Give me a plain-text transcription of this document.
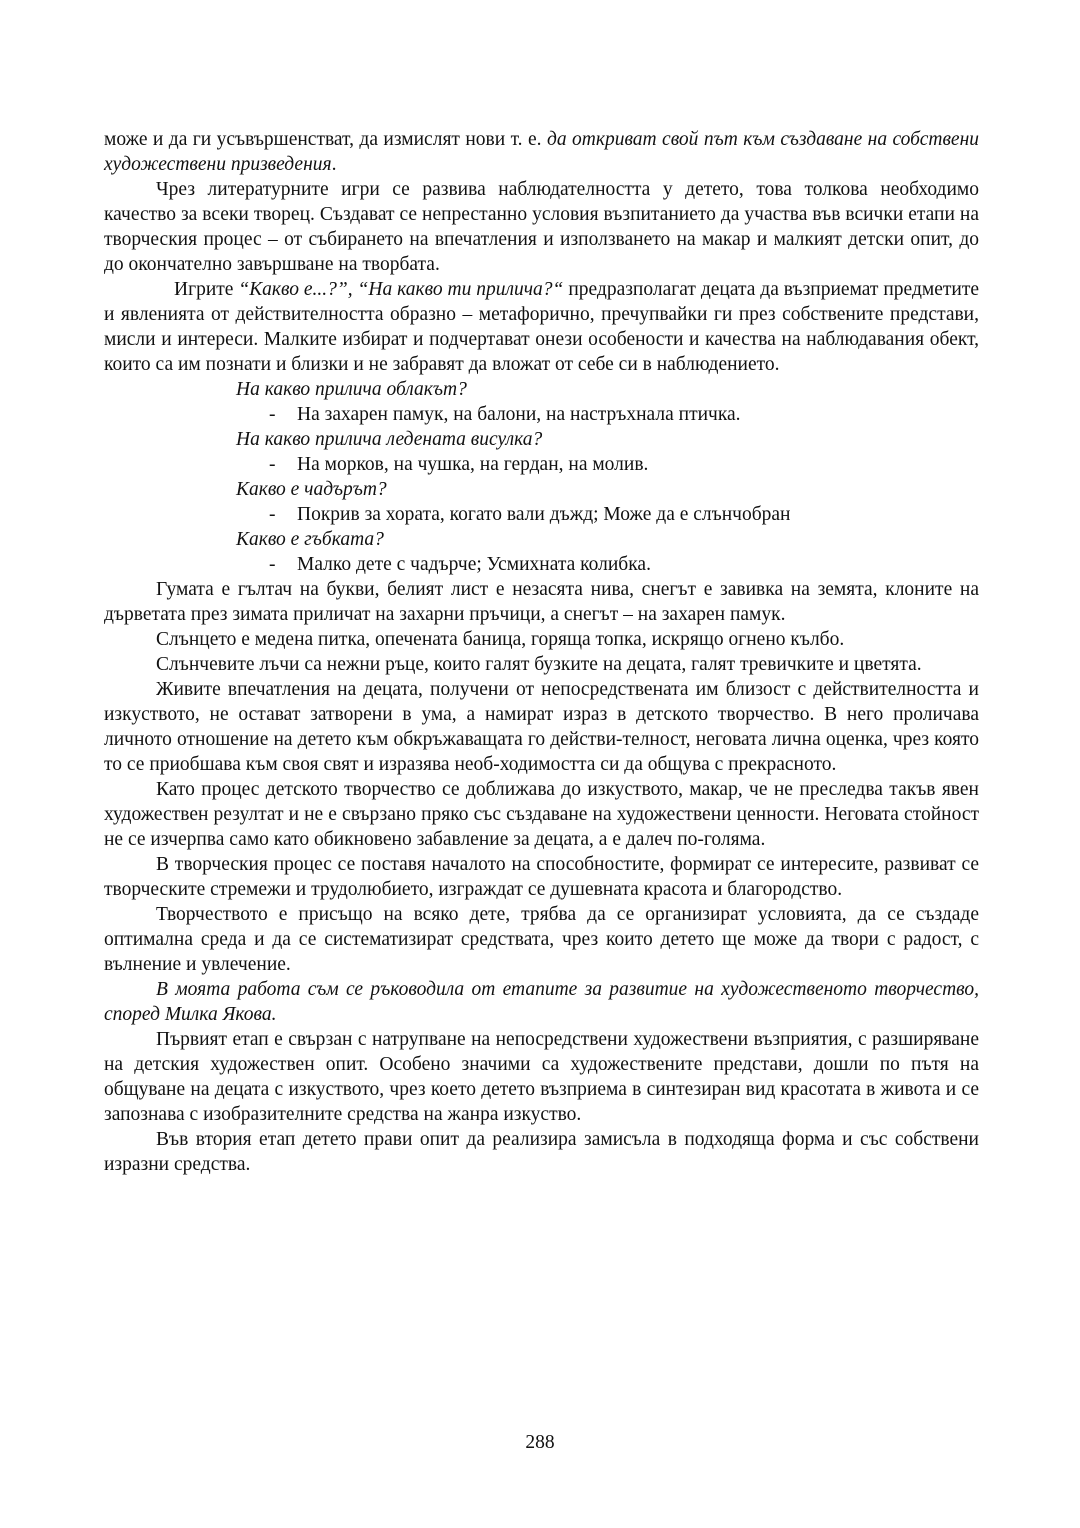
може и да ги усъвършенстват, да измислят нови т. е. да откриват свой път към създаване на собствени художествени призведения.

Чрез литературните игри се развива наблюдателността у детето, това толкова необходимо качество за всеки творец. Създават се непрестанно условия възпитанието да участва във всички етапи на творческия процес – от събирането на впечатления и използването на макар и малкият детски опит, до до окончателно завършване на творбата.

Игрите “Какво е...?”, “На какво ти прилича?“ предразполагат децата да възприемат предметите и явленията от действителността образно – метафорично, пречупвайки ги през собствените представи, мисли и интереси. Малките избират и подчертават онези особености и качества на наблюдавания обект, които са им познати и близки и не забравят да вложат от себе си в наблюдението.

На какво прилича облакът?

- На захарен памук, на балони, на настръхнала птичка.

На какво прилича ледената висулка?

- На морков, на чушка, на гердан, на молив.

Какво е чадърът?

- Покрив за хората, когато вали дъжд; Може да е слънчобран

Какво е гъбката?

- Малко дете с чадърче; Усмихната колибка.

Гумата е гълтач на букви, белият лист е незасята нива, снегът е завивка на земята, клоните на дърветата през зимата приличат на захарни пръчици, а снегът – на захарен памук.

Слънцето е медена питка, опечената баница, горяща топка, искрящо огнено кълбо.

Слънчевите лъчи са нежни ръце, които галят бузките на децата, галят тревичките и цветята.

Живите впечатления на децата, получени от непосредствената им близост с действителността и изкуството, не остават затворени в ума, а намират израз в детското творчество. В него проличава личното отношение на детето към обкръжаващата го действи-телност, неговата лична оценка, чрез която то се приобшава към своя свят и изразява необ-ходимостта си да общува с прекрасното.

Като процес детското творчество се доближава до изкуството, макар, че не преследва такъв явен художествен резултат и не е свързано пряко със създаване на художествени ценности. Неговата стойност не се изчерпва само като обикновено забавление за децата, а е далеч по-голяма.

В творческия процес се поставя началото на способностите, формират се интересите, развиват се творческите стремежи и трудолюбието, изграждат се душевната красота и благородство.

Творчеството е присъщо на всяко дете, трябва да се организират условията, да се създаде оптимална среда и да се систематизират средствата, чрез които детето ще може да твори с радост, с вълнение и увлечение.

В моята работа съм се ръководила от етапите за развитие на художественото творчество, според Милка Якова.

Първият етап е свързан с натрупване на непосредствени художествени възприятия, с разширяване на детския художествен опит. Особено значими са художествените представи, дошли по пътя на общуване на децата с изкуството, чрез което детето възприема в синтезиран вид красотата в живота и се запознава с изобразителните средства на жанра изкуство.

Във втория етап детето прави опит да реализира замисъла в подходяща форма и със собствени изразни средства.

288
